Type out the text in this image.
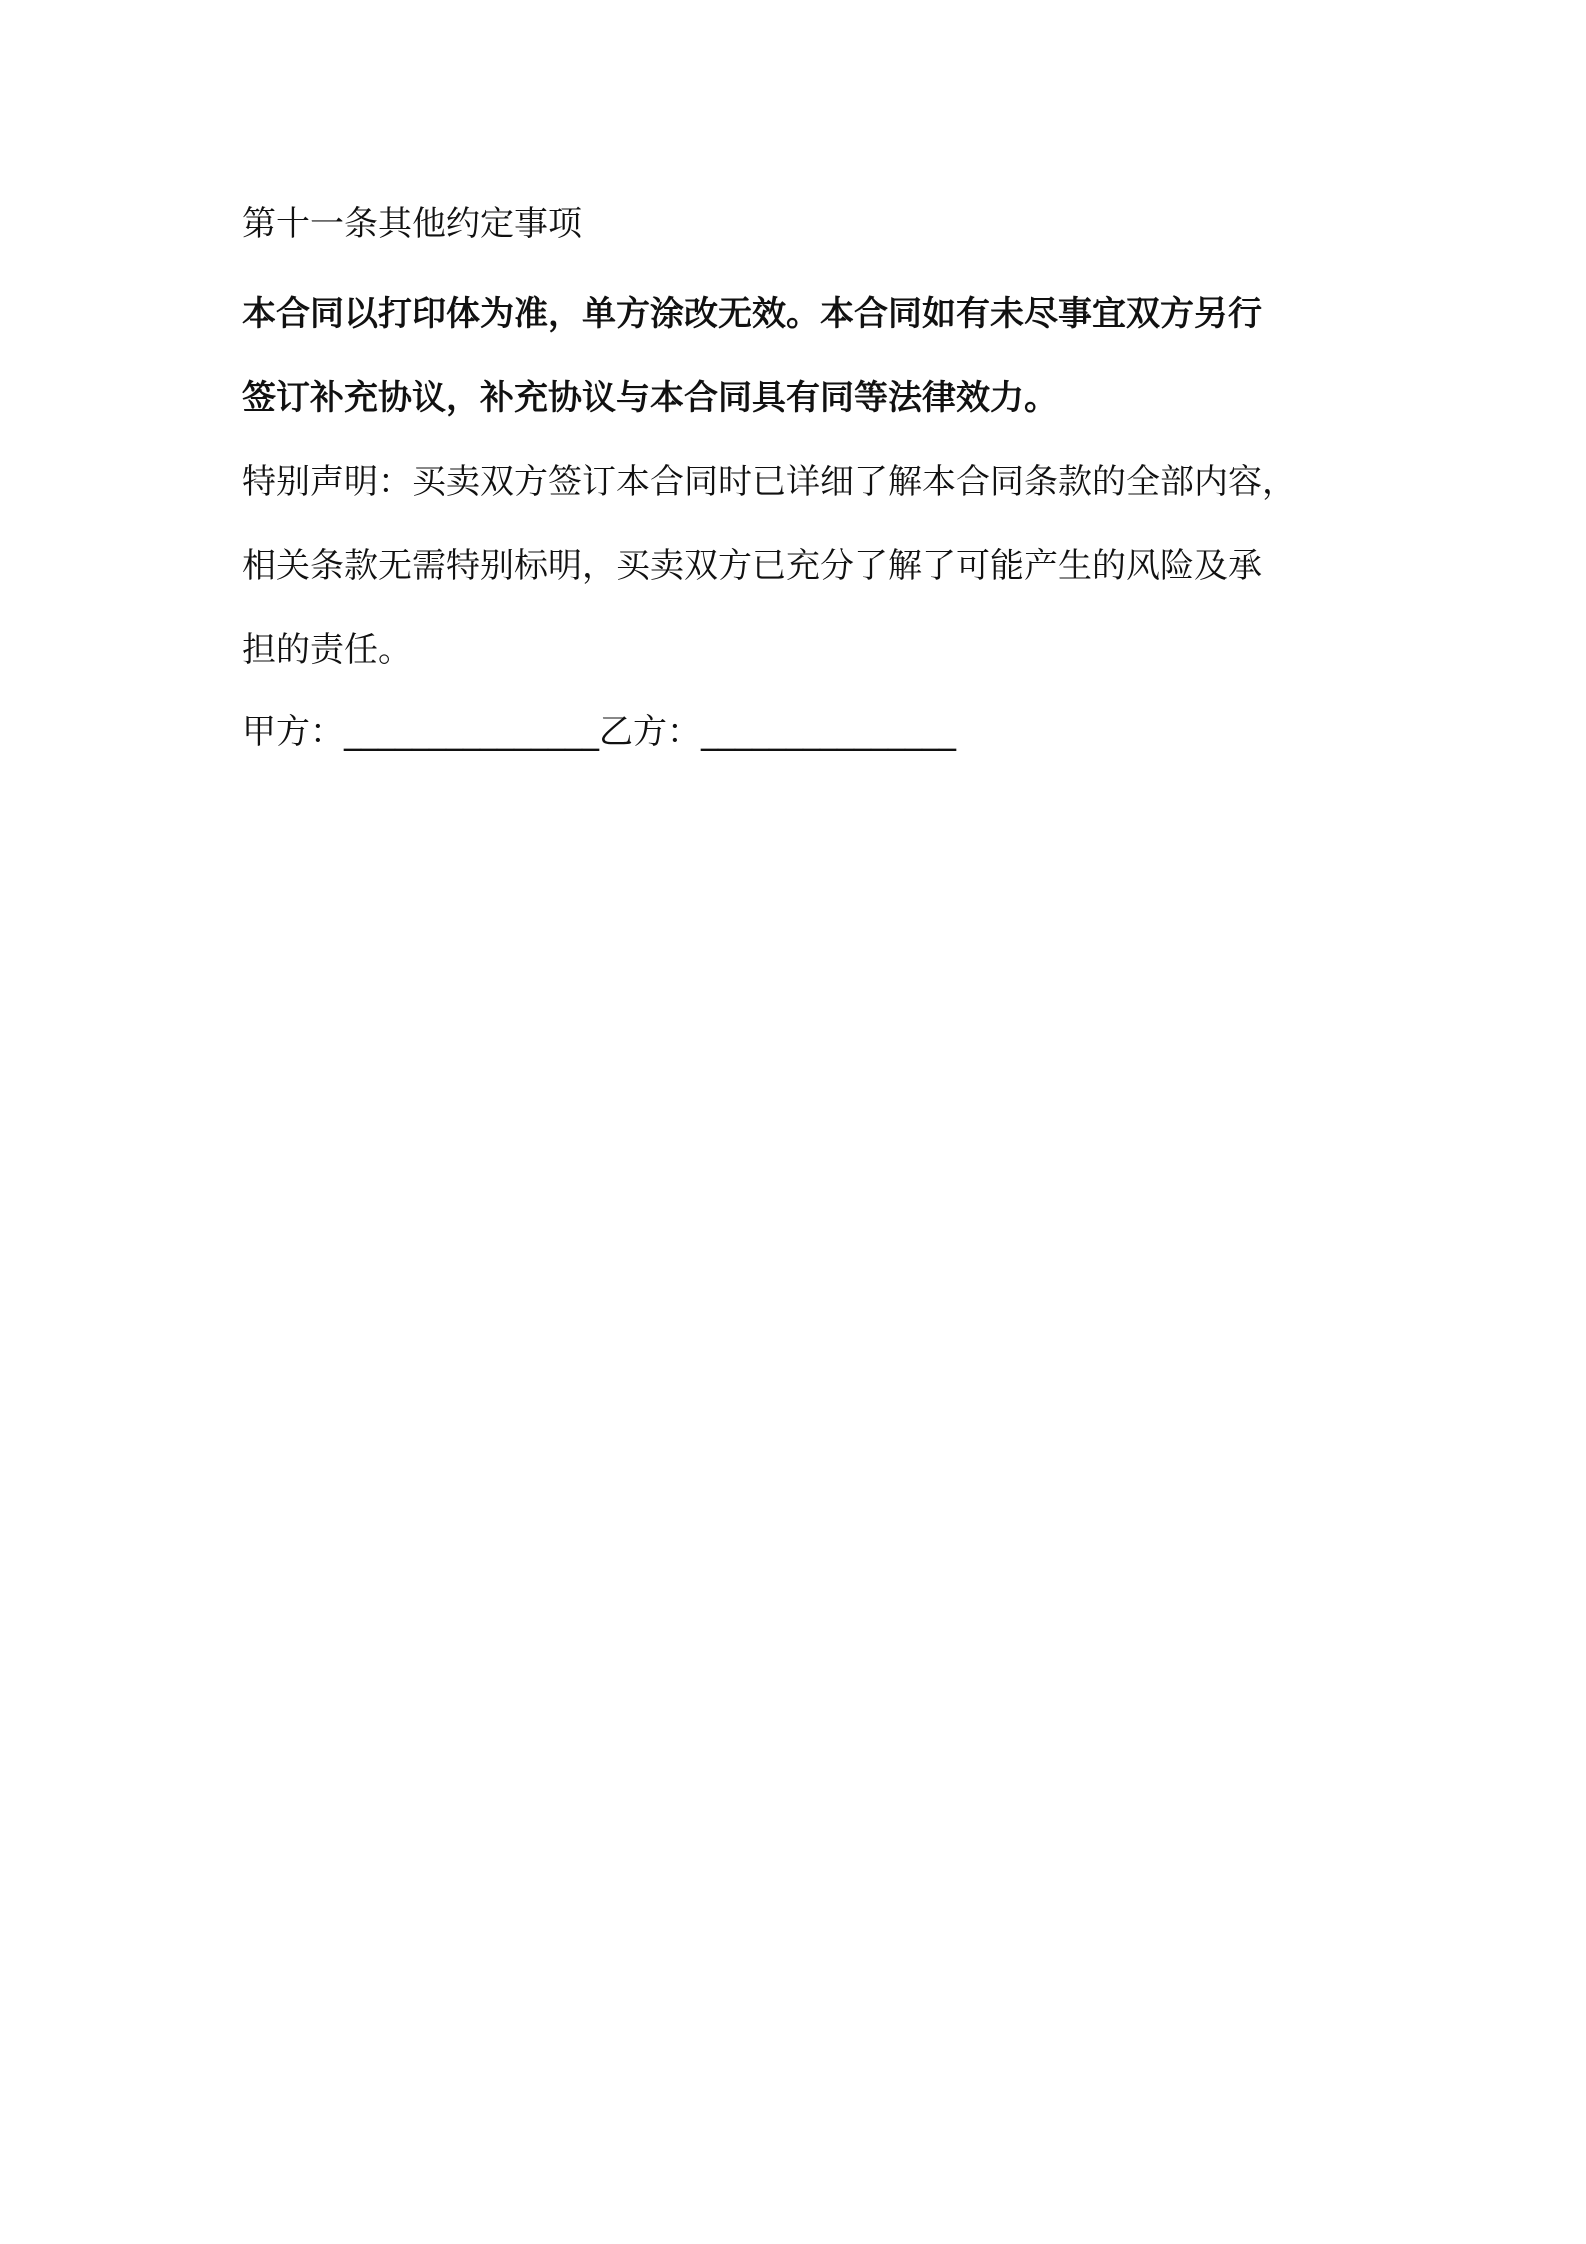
第十一条其他约定事项
本合同以打印体为准，单方涂改无效。本合同如有未尽事宜双方另行
签订补充协议，补充协议与本合同具有同等法律效力。
特别声明：买卖双方签订本合同时已详细了解本合同条款的全部内容，
相关条款无需特别标明，买卖双方已充分了解了可能产生的风险及承
担的责任。
甲方：_______________乙方：_______________
